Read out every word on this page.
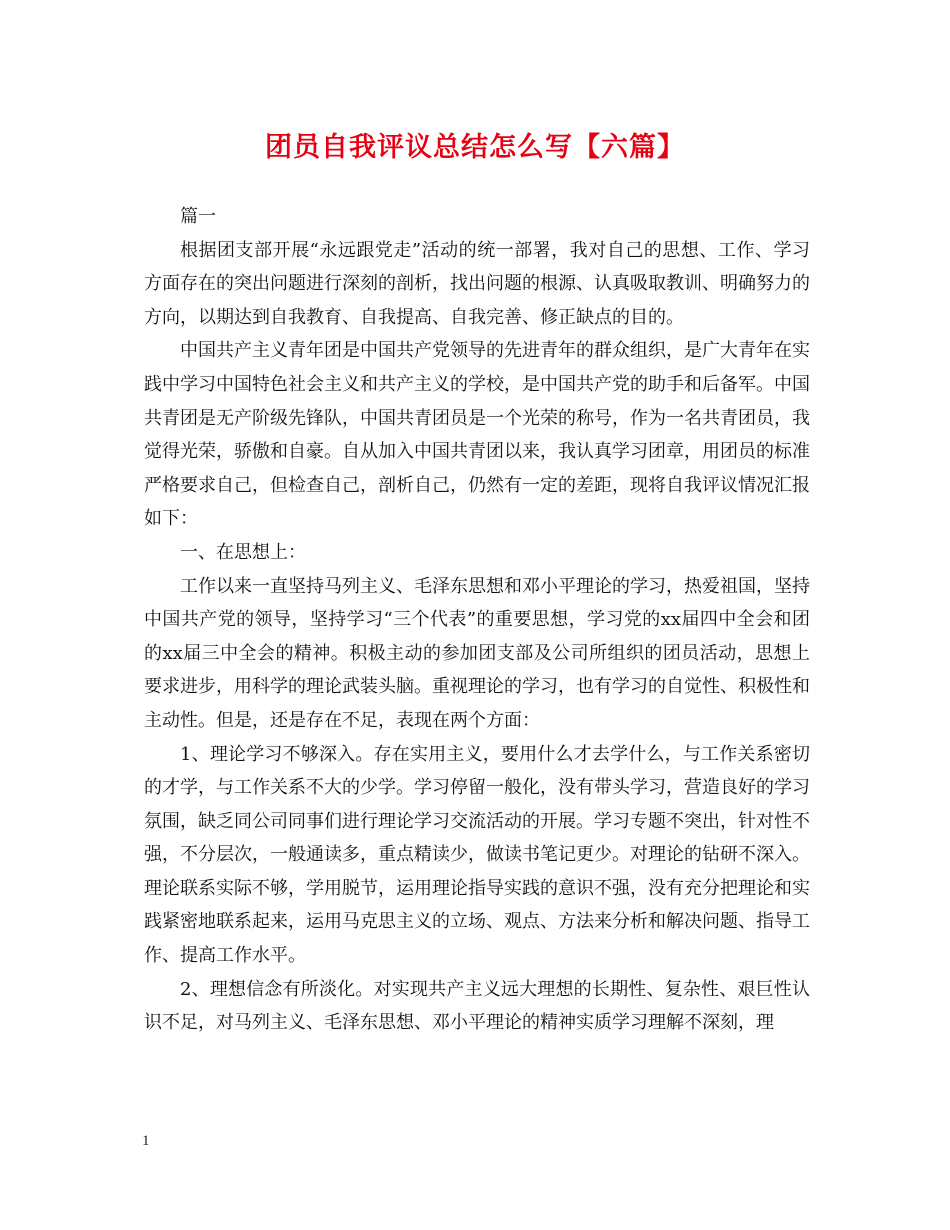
团员自我评议总结怎么写【六篇】

篇一

根据团支部开展“永远跟党走”活动的统一部署，我对自己的思想、工作、学习方面存在的突出问题进行深刻的剖析，找出问题的根源、认真吸取教训、明确努力的方向，以期达到自我教育、自我提高、自我完善、修正缺点的目的。

中国共产主义青年团是中国共产党领导的先进青年的群众组织，是广大青年在实践中学习中国特色社会主义和共产主义的学校，是中国共产党的助手和后备军。中国共青团是无产阶级先锋队，中国共青团员是一个光荣的称号，作为一名共青团员，我觉得光荣，骄傲和自豪。自从加入中国共青团以来，我认真学习团章，用团员的标准严格要求自己，但检查自己，剖析自己，仍然有一定的差距，现将自我评议情况汇报如下：

一、在思想上：

工作以来一直坚持马列主义、毛泽东思想和邓小平理论的学习，热爱祖国，坚持中国共产党的领导，坚持学习“三个代表”的重要思想，学习党的xx届四中全会和团的xx届三中全会的精神。积极主动的参加团支部及公司所组织的团员活动，思想上要求进步，用科学的理论武装头脑。重视理论的学习，也有学习的自觉性、积极性和主动性。但是，还是存在不足，表现在两个方面：

1、理论学习不够深入。存在实用主义，要用什么才去学什么，与工作关系密切的才学，与工作关系不大的少学。学习停留一般化，没有带头学习，营造良好的学习氛围，缺乏同公司同事们进行理论学习交流活动的开展。学习专题不突出，针对性不强，不分层次，一般通读多，重点精读少，做读书笔记更少。对理论的钻研不深入。理论联系实际不够，学用脱节，运用理论指导实践的意识不强，没有充分把理论和实践紧密地联系起来，运用马克思主义的立场、观点、方法来分析和解决问题、指导工作、提高工作水平。

2、理想信念有所淡化。对实现共产主义远大理想的长期性、复杂性、艰巨性认识不足，对马列主义、毛泽东思想、邓小平理论的精神实质学习理解不深刻，理

1
